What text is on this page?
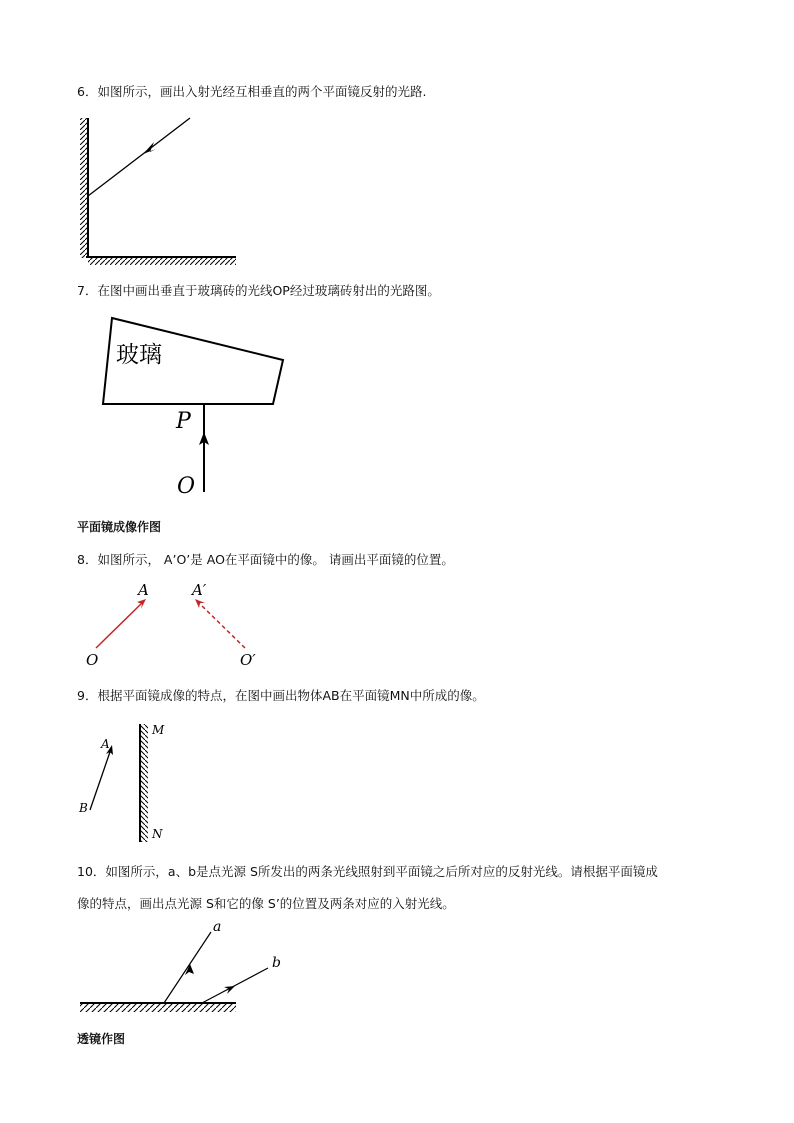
6．如图所示，画出入射光经互相垂直的两个平面镜反射的光路.
7．在图中画出垂直于玻璃砖的光线OP经过玻璃砖射出的光路图。
玻璃
P
O
平面镜成像作图
8．如图所示， A’O’是 AO在平面镜中的像。 请画出平面镜的位置。
A
O
A′
O′
9．根据平面镜成像的特点，在图中画出物体AB在平面镜MN中所成的像。
A
B
M
N
10．如图所示，a、b是点光源 S所发出的两条光线照射到平面镜之后所对应的反射光线。请根据平面镜成
像的特点，画出点光源 S和它的像 S’的位置及两条对应的入射光线。
a
b
透镜作图
